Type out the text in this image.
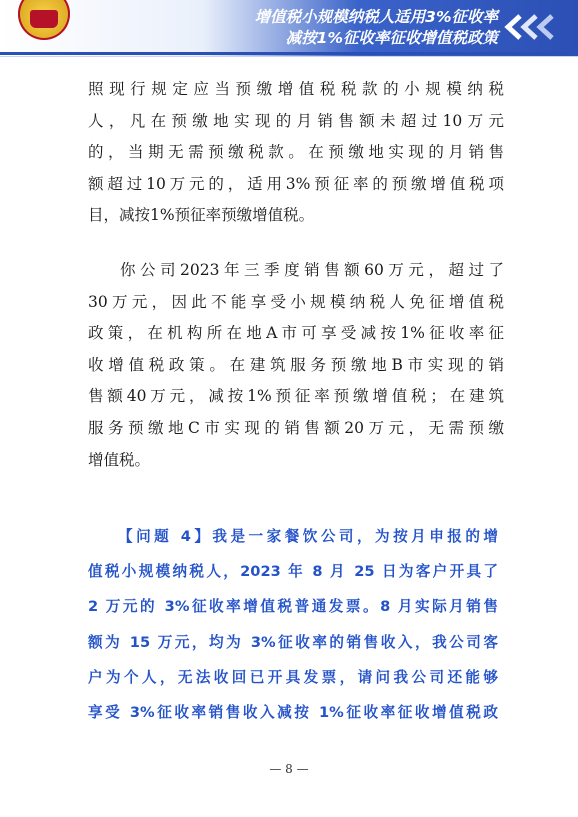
增值税小规模纳税人适用3%征收率
减按1%征收率征收增值税政策
照现行规定应当预缴增值税税款的小规模纳税
人，凡在预缴地实现的月销售额未超过10万元
的，当期无需预缴税款。在预缴地实现的月销售
额超过10万元的，适用3%预征率的预缴增值税项
目，减按1%预征率预缴增值税。
你公司2023年三季度销售额60万元，超过了
30万元，因此不能享受小规模纳税人免征增值税
政策，在机构所在地A市可享受减按1%征收率征
收增值税政策。在建筑服务预缴地B市实现的销
售额40万元，减按1%预征率预缴增值税；在建筑
服务预缴地C市实现的销售额20万元，无需预缴
增值税。
【问题 4】我是一家餐饮公司，为按月申报的增
值税小规模纳税人，2023 年 8 月 25 日为客户开具了
2 万元的 3%征收率增值税普通发票。8 月实际月销售
额为 15 万元，均为 3%征收率的销售收入，我公司客
户为个人，无法收回已开具发票，请问我公司还能够
享受 3%征收率销售收入减按 1%征收率征收增值税政
— 8 —
